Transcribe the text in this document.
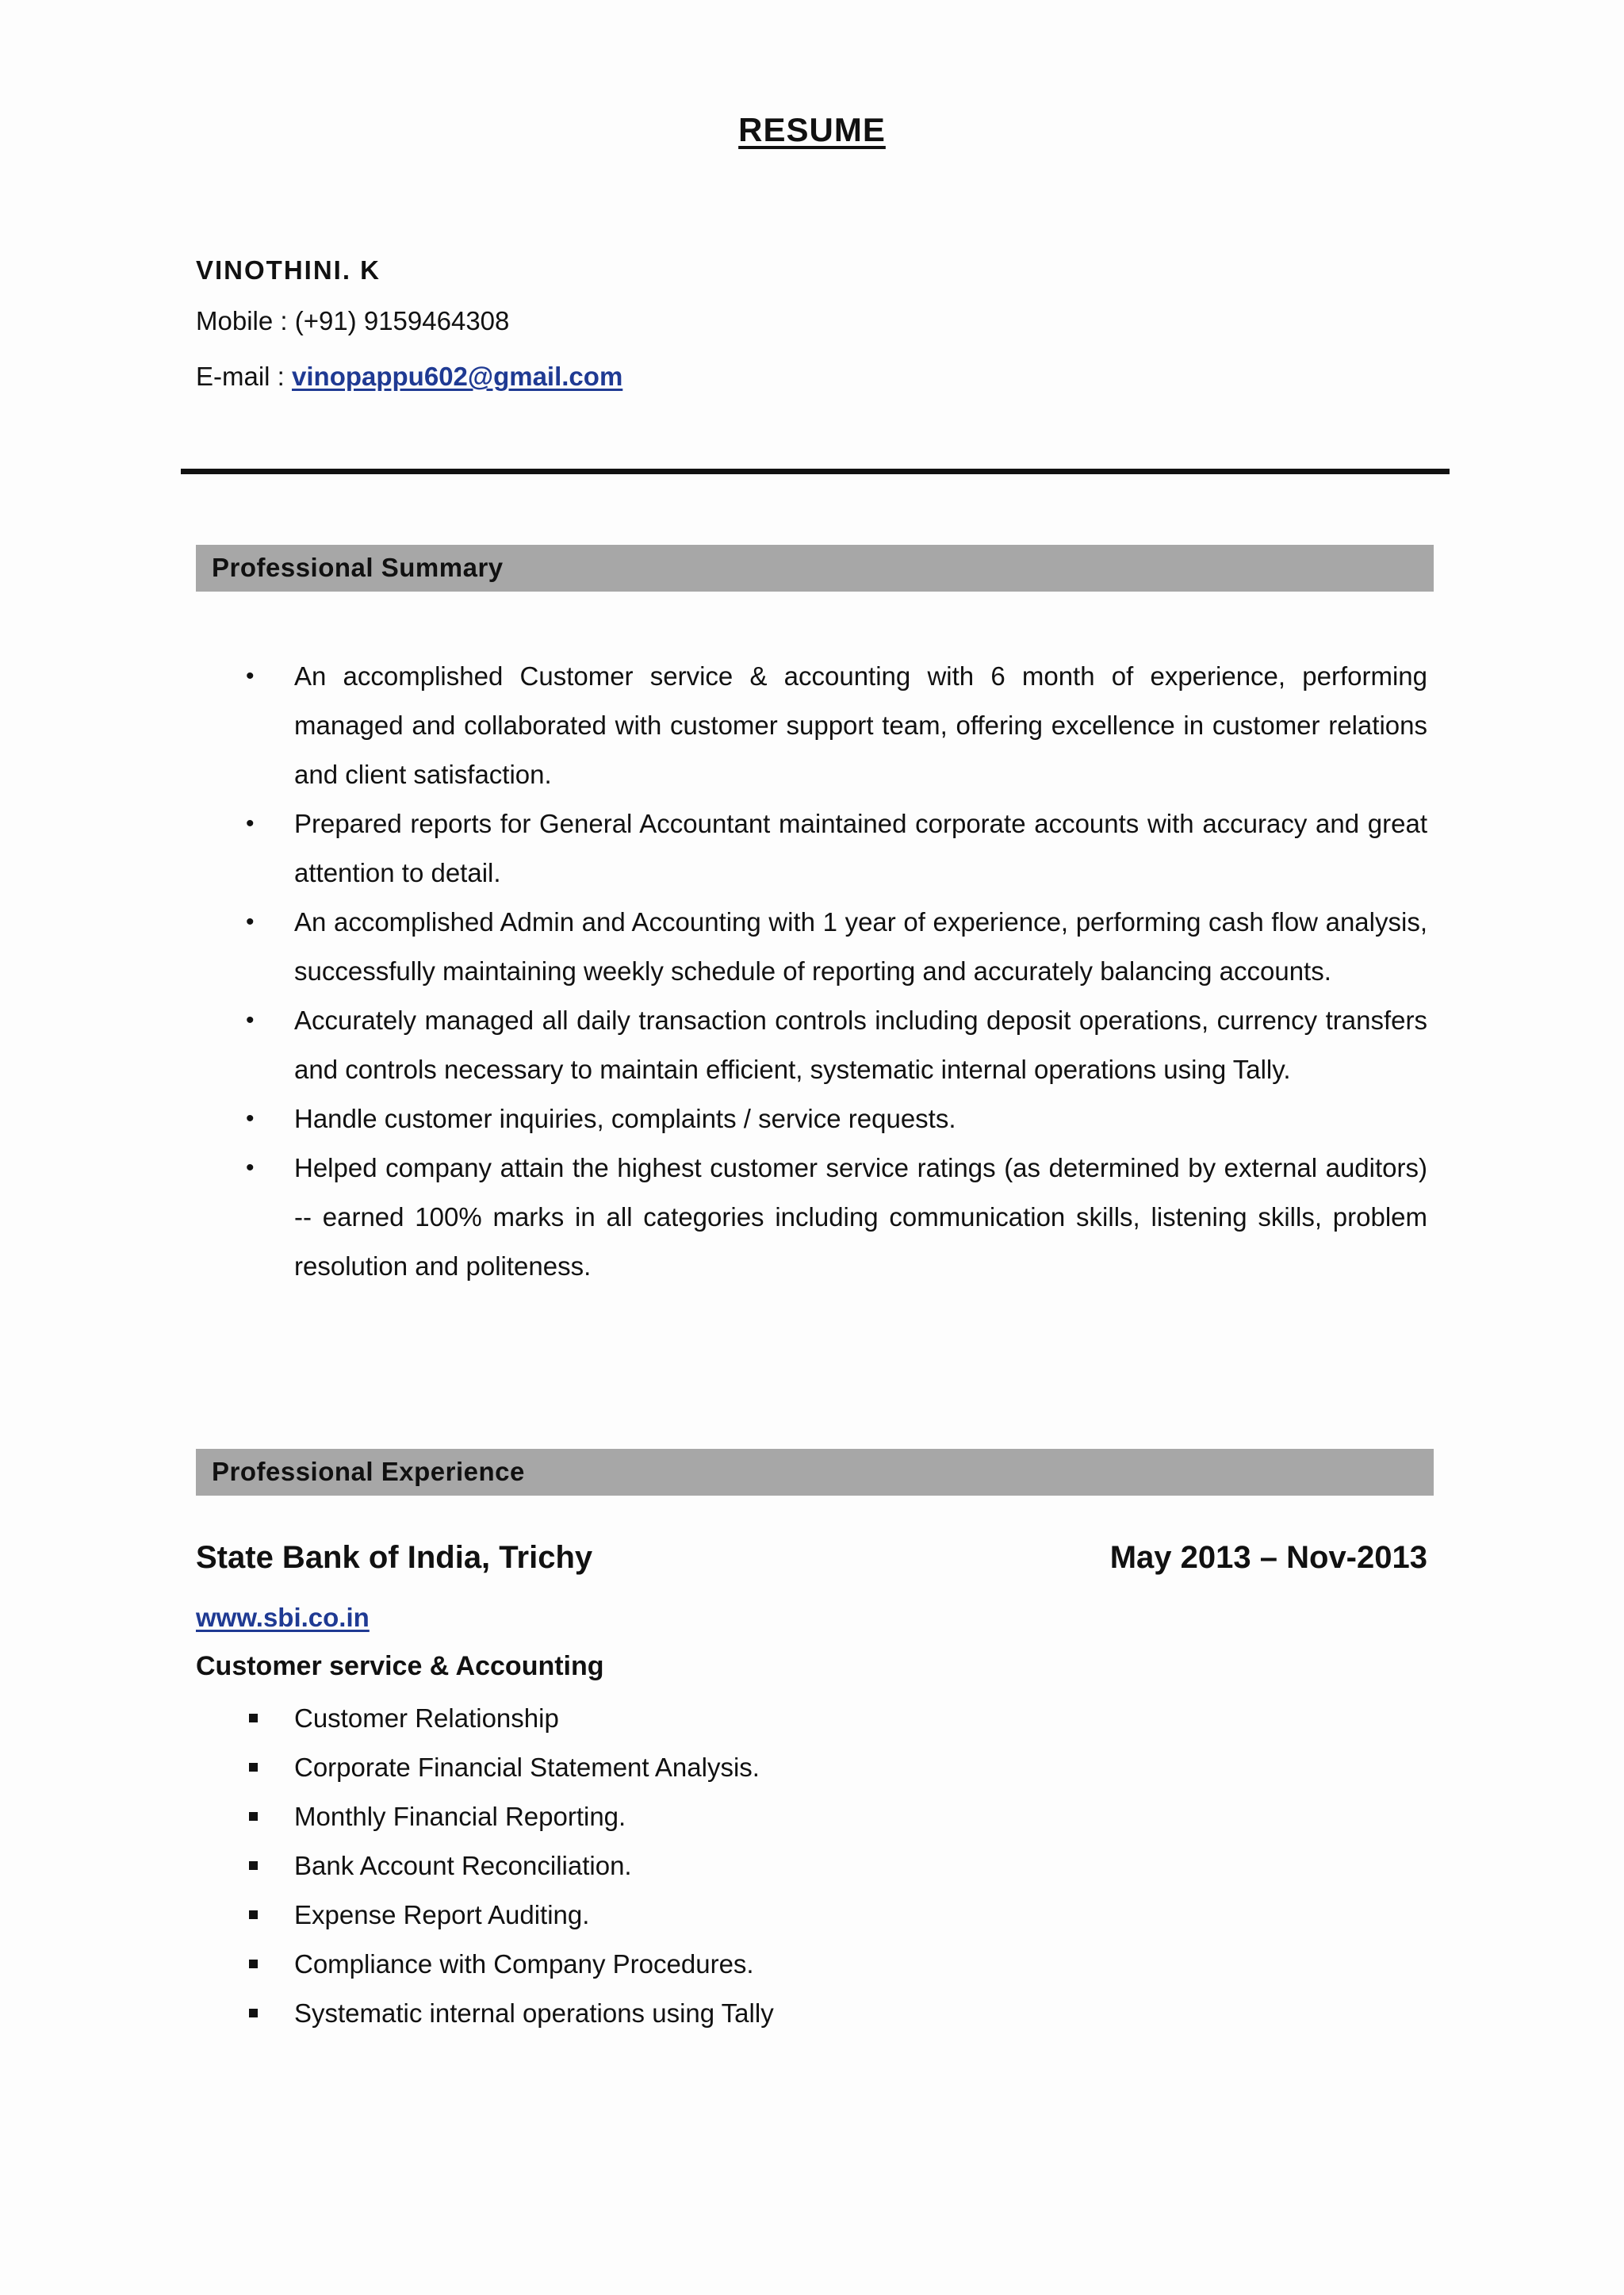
RESUME
VINOTHINI. K
Mobile : (+91) 9159464308
E-mail : vinopappu602@gmail.com
Professional Summary
• An accomplished Customer service & accounting with 6 month of experience, performing managed and collaborated with customer support team, offering excellence in customer relations and client satisfaction.
• Prepared reports for General Accountant maintained corporate accounts with accuracy and great attention to detail.
• An accomplished Admin and Accounting with 1 year of experience, performing cash flow analysis, successfully maintaining weekly schedule of reporting and accurately balancing accounts.
• Accurately managed all daily transaction controls including deposit operations, currency transfers and controls necessary to maintain efficient, systematic internal operations using Tally.
• Handle customer inquiries, complaints / service requests.
• Helped company attain the highest customer service ratings (as determined by external auditors) -- earned 100% marks in all categories including communication skills, listening skills, problem resolution and politeness.
Professional Experience
State Bank of India, Trichy	May 2013 – Nov-2013
www.sbi.co.in
Customer service & Accounting
Customer Relationship
Corporate Financial Statement Analysis.
Monthly Financial Reporting.
Bank Account Reconciliation.
Expense Report Auditing.
Compliance with Company Procedures.
Systematic internal operations using Tally
